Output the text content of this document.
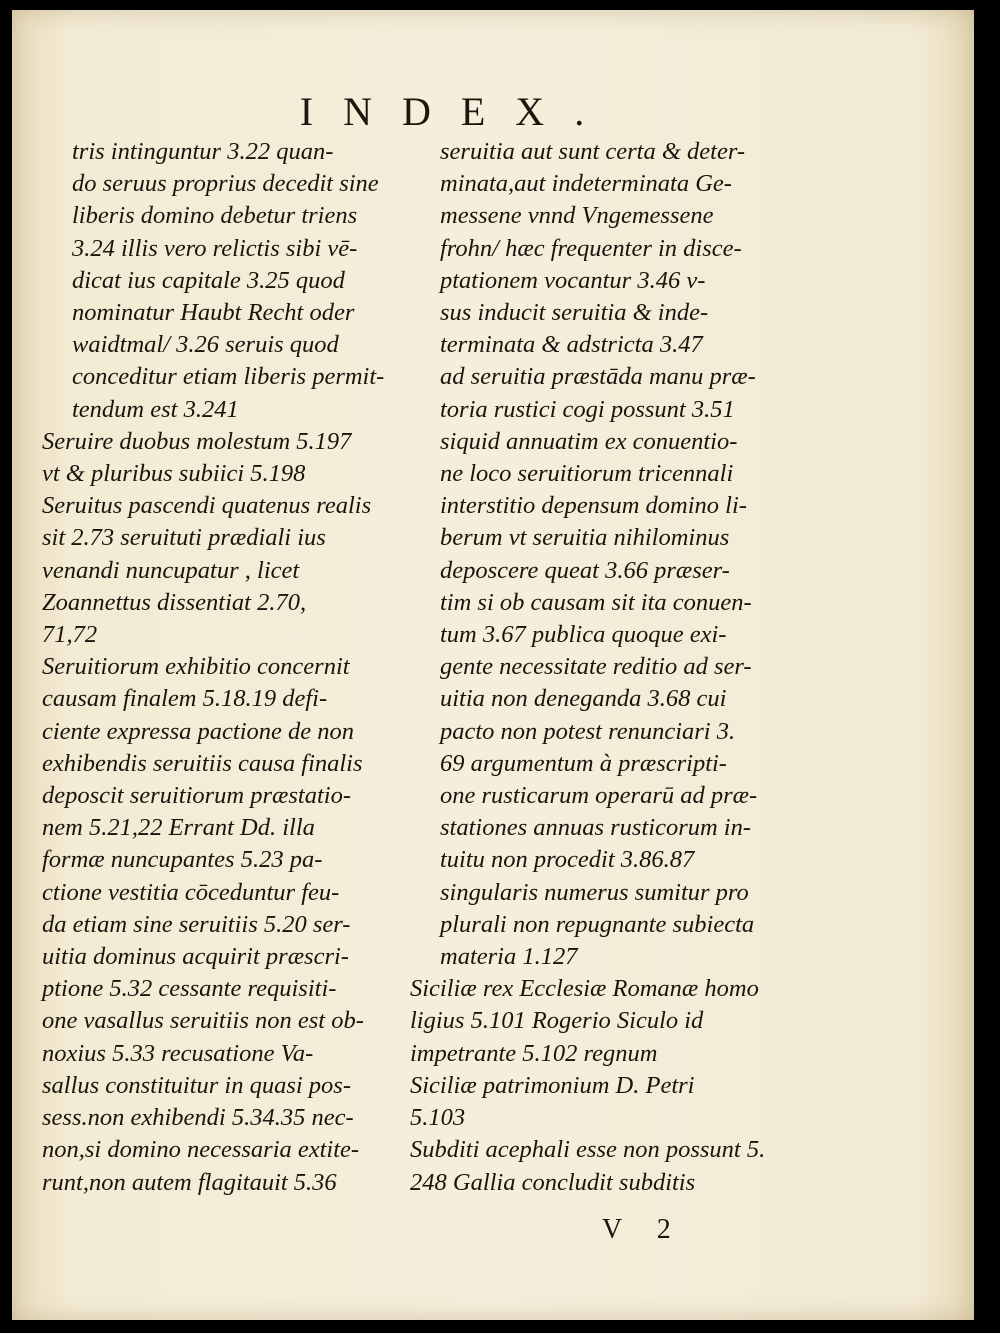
INDEX.

tris intinguntur 3.22 quan-
do seruus proprius decedit sine
liberis domino debetur triens
3.24 illis vero relictis sibi vē-
dicat ius capitale 3.25 quod
nominatur Haubt Recht oder
waidtmal/ 3.26 seruis quod
conceditur etiam liberis permit-
tendum est 3.241

Seruire duobus molestum 5.197
vt & pluribus subiici 5.198

Seruitus pascendi quatenus realis
sit 2.73 seruituti prædiali ius
venandi nuncupatur , licet
Zoannettus dissentiat 2.70,
71,72

Seruitiorum exhibitio concernit
causam finalem 5.18.19 defi-
ciente expressa pactione de non
exhibendis seruitiis causa finalis
deposcit seruitiorum præstatio-
nem 5.21,22 Errant Dd. illa
formæ nuncupantes 5.23 pa-
ctione vestitia cōceduntur feu-
da etiam sine seruitiis 5.20 ser-
uitia dominus acquirit præscri-
ptione 5.32 cessante requisiti-
one vasallus seruitiis non est ob-
noxius 5.33 recusatione Va-
sallus constituitur in quasi pos-
sess.non exhibendi 5.34.35 nec-
non,si domino necessaria extite-
runt,non autem flagitauit 5.36

seruitia aut sunt certa & deter-
minata,aut indeterminata Ge-
messene vnnd Vngemessene
frohn/ hæc frequenter in disce-
ptationem vocantur 3.46 v-
sus inducit seruitia & inde-
terminata & adstricta 3.47
ad seruitia præstāda manu præ-
toria rustici cogi possunt 3.51
siquid annuatim ex conuentio-
ne loco seruitiorum tricennali
interstitio depensum domino li-
berum vt seruitia nihilominus
deposcere queat 3.66 præser-
tim si ob causam sit ita conuen-
tum 3.67 publica quoque exi-
gente necessitate reditio ad ser-
uitia non deneganda 3.68 cui
pacto non potest renunciari 3.
69 argumentum à præscripti-
one rusticarum operarū ad præ-
stationes annuas rusticorum in-
tuitu non procedit 3.86.87
singularis numerus sumitur pro
plurali non repugnante subiecta
materia 1.127

Siciliæ rex Ecclesiæ Romanæ homo
ligius 5.101 Rogerio Siculo id
impetrante 5.102 regnum
Siciliæ patrimonium D. Petri
5.103

Subditi acephali esse non possunt 5.
248 Gallia concludit subditis

V 2
